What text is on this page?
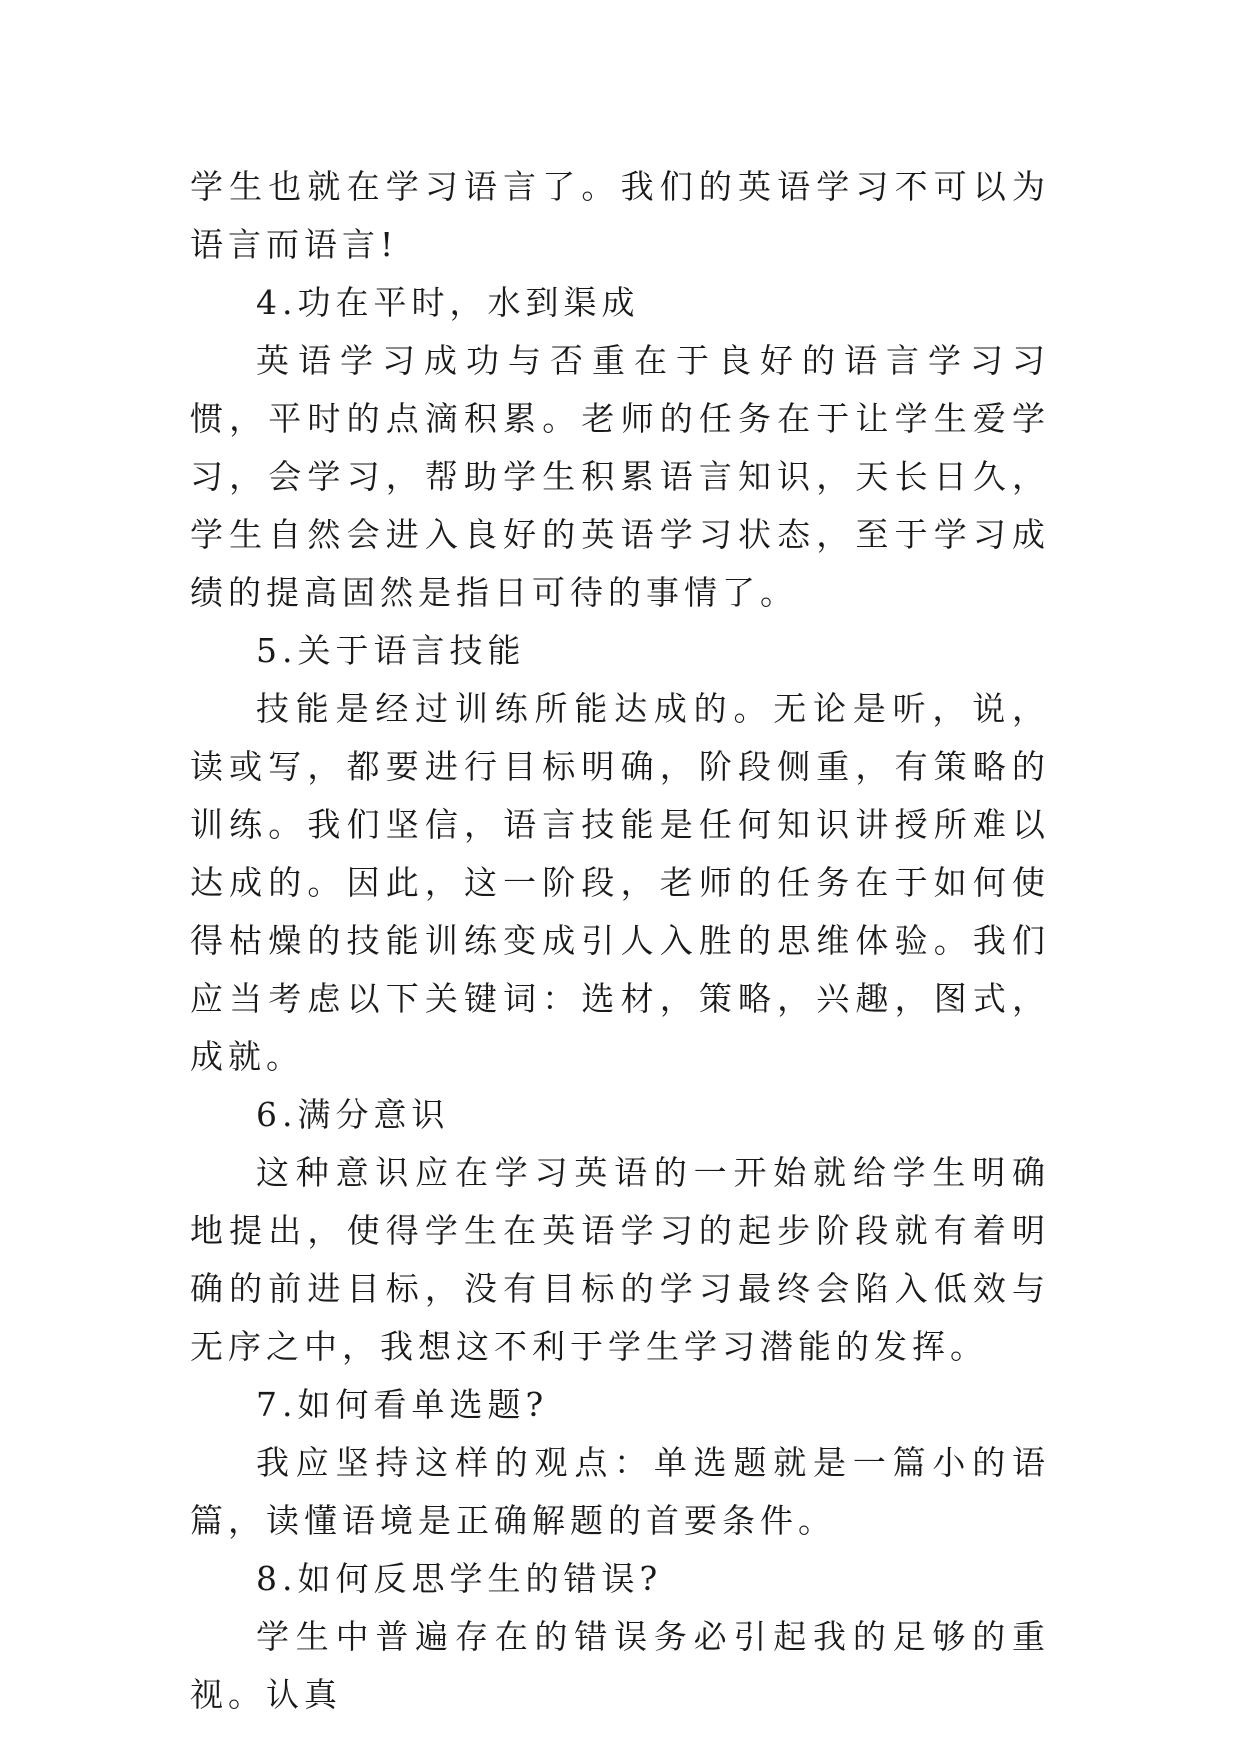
学生也就在学习语言了。我们的英语学习不可以为语言而语言!

4.功在平时，水到渠成

英语学习成功与否重在于良好的语言学习习惯，平时的点滴积累。老师的任务在于让学生爱学习，会学习，帮助学生积累语言知识，天长日久，学生自然会进入良好的英语学习状态，至于学习成绩的提高固然是指日可待的事情了。

5.关于语言技能

技能是经过训练所能达成的。无论是听，说，读或写，都要进行目标明确，阶段侧重，有策略的训练。我们坚信，语言技能是任何知识讲授所难以达成的。因此，这一阶段，老师的任务在于如何使得枯燥的技能训练变成引人入胜的思维体验。我们应当考虑以下关键词：选材，策略，兴趣，图式，成就。

6.满分意识

这种意识应在学习英语的一开始就给学生明确地提出，使得学生在英语学习的起步阶段就有着明确的前进目标，没有目标的学习最终会陷入低效与无序之中，我想这不利于学生学习潜能的发挥。

7.如何看单选题?

我应坚持这样的观点：单选题就是一篇小的语篇，读懂语境是正确解题的首要条件。

8.如何反思学生的错误?

学生中普遍存在的错误务必引起我的足够的重视。认真
